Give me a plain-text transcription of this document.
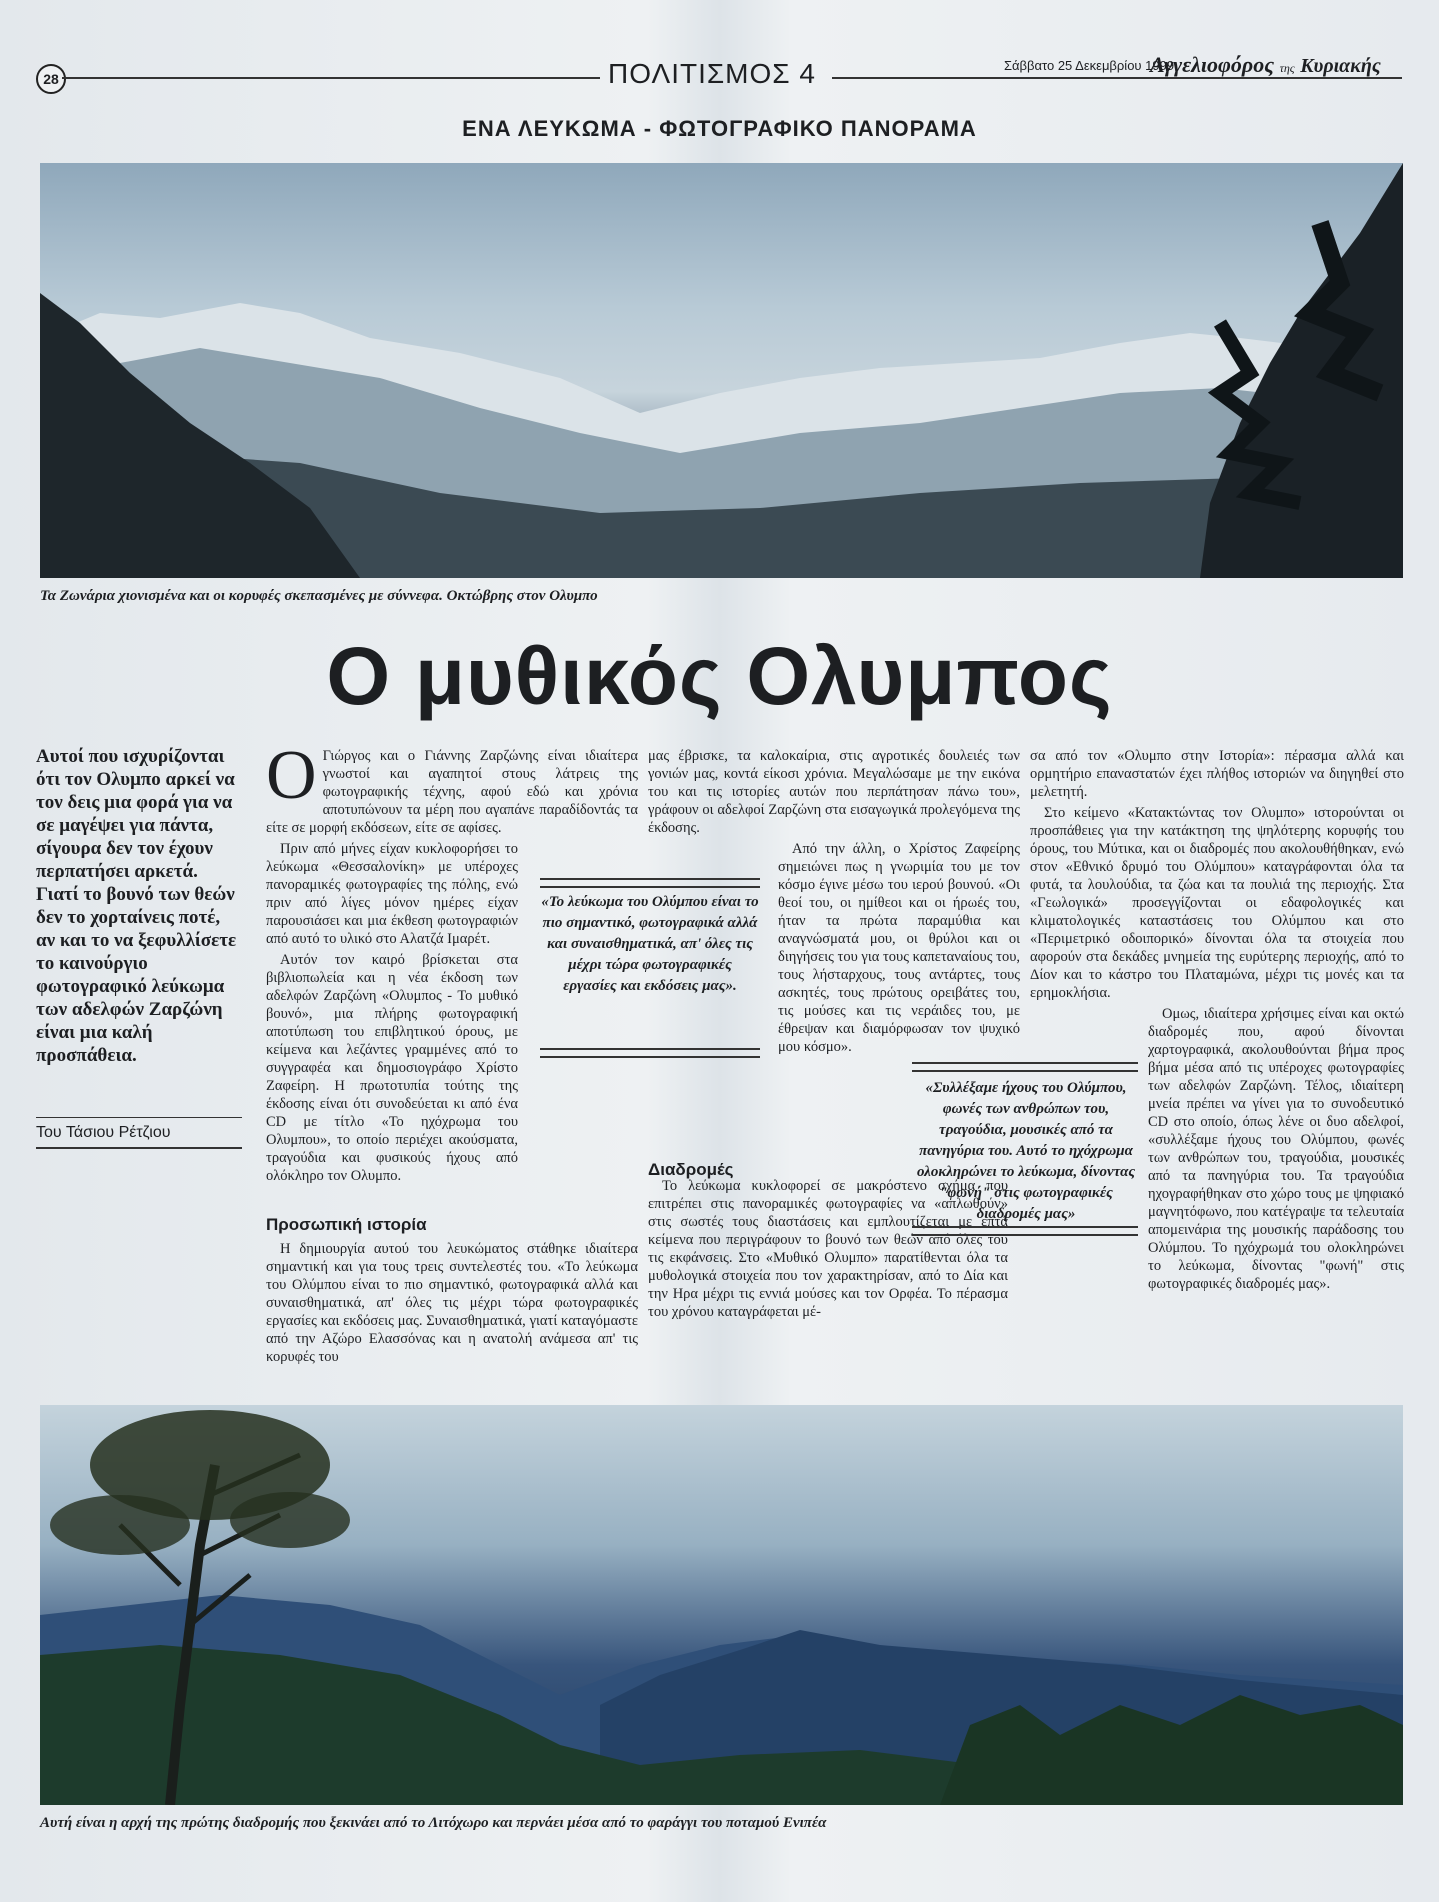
28	ΠΟΛΙΤΙΣΜΟΣ 4	Σάββατο 25 Δεκεμβρίου 1999
Αγγελιοφόρος της Κυριακής
ΕΝΑ ΛΕΥΚΩΜΑ - ΦΩΤΟΓΡΑΦΙΚΟ ΠΑΝΟΡΑΜΑ
Τα Ζωνάρια χιονισμένα και οι κορυφές σκεπασμένες με σύννεφα. Οκτώβρης στον Ολυμπο
Ο μυθικός Ολυμπος
Αυτοί που ισχυρίζονται ότι τον Ολυμπο αρκεί να τον δεις μια φορά για να σε μαγέψει για πάντα, σίγουρα δεν τον έχουν περπατήσει αρκετά. Γιατί το βουνό των θεών δεν το χορταίνεις ποτέ, αν και το να ξεφυλλίσετε το καινούργιο φωτογραφικό λεύκωμα των αδελφών Ζαρζώνη είναι μια καλή προσπάθεια.
Του Τάσιου Ρέτζιου
Ο Γιώργος και ο Γιάννης Ζαρζώνης είναι ιδιαίτερα γνωστοί και αγαπητοί στους λάτρεις της φωτογραφικής τέχνης, αφού εδώ και χρόνια αποτυπώνουν τα μέρη που αγαπάνε παραδίδοντάς τα είτε σε μορφή εκδόσεων, είτε σε αφίσες.

Πριν από μήνες είχαν κυκλοφορήσει το λεύκωμα «Θεσσαλονίκη» με υπέροχες πανοραμικές φωτογραφίες της πόλης, ενώ πριν από λίγες μόνον ημέρες είχαν παρουσιάσει και μια έκθεση φωτογραφιών από αυτό το υλικό στο Αλατζά Ιμαρέτ.

Αυτόν τον καιρό βρίσκεται στα βιβλιοπωλεία και η νέα έκδοση των αδελφών Ζαρζώνη «Ολυμπος - Το μυθικό βουνό», μια πλήρης φωτογραφική αποτύπωση του επιβλητικού όρους, με κείμενα και λεζάντες γραμμένες από το συγγραφέα και δημοσιογράφο Χρίστο Ζαφείρη. Η πρωτοτυπία τούτης της έκδοσης είναι ότι συνοδεύεται κι από ένα CD με τίτλο «Το ηχόχρωμα του Ολυμπου», το οποίο περιέχει ακούσματα, τραγούδια και φυσικούς ήχους από ολόκληρο τον Ολυμπο.

Προσωπική ιστορία

Η δημιουργία αυτού του λευκώματος στάθηκε ιδιαίτερα σημαντική και για τους τρεις συντελεστές του. «Το λεύκωμα του Ολύμπου είναι το πιο σημαντικό, φωτογραφικά αλλά και συναισθηματικά, απ' όλες τις μέχρι τώρα φωτογραφικές εργασίες και εκδόσεις μας. Συναισθηματικά, γιατί καταγόμαστε από την Αζώρο Ελασσόνας και η ανατολή ανάμεσα απ' τις κορυφές του

«Το λεύκωμα του Ολύμπου είναι το πιο σημαντικό, φωτογραφικά αλλά και συναισθηματικά, απ' όλες τις μέχρι τώρα φωτογραφικές εργασίες και εκδόσεις μας».

μας έβρισκε, τα καλοκαίρια, στις αγροτικές δουλειές των γονιών μας, κοντά είκοσι χρόνια. Μεγαλώσαμε με την εικόνα του και τις ιστορίες αυτών που περπάτησαν πάνω του», γράφουν οι αδελφοί Ζαρζώνη στα εισαγωγικά προλεγόμενα της έκδοσης.

Από την άλλη, ο Χρίστος Ζαφείρης σημειώνει πως η γνωριμία του με τον κόσμο έγινε μέσω του ιερού βουνού. «Οι θεοί του, οι ημίθεοι και οι ήρωές του, ήταν τα πρώτα παραμύθια και αναγνώσματά μου, οι θρύλοι και οι διηγήσεις του για τους καπεταναίους του, τους λήσταρχους, τους αντάρτες, τους ασκητές, τους πρώτους ορειβάτες του, τις μούσες και τις νεράιδες του, με έθρεψαν και διαμόρφωσαν τον ψυχικό μου κόσμο».

Διαδρομές

Το λεύκωμα κυκλοφορεί σε μακρόστενο σχήμα που επιτρέπει στις πανοραμικές φωτογραφίες να «απλωθούν» στις σωστές τους διαστάσεις και εμπλουτίζεται με επτά κείμενα που περιγράφουν το βουνό των θεών από όλες του τις εκφάνσεις. Στο «Μυθικό Ολυμπο» παρατίθενται όλα τα μυθολογικά στοιχεία που τον χαρακτηρίσαν, από το Δία και την Ηρα μέχρι τις εννιά μούσες και τον Ορφέα. Το πέρασμα του χρόνου καταγράφεται μέ-

σα από τον «Ολυμπο στην Ιστορία»: πέρασμα αλλά και ορμητήριο επαναστατών έχει πλήθος ιστοριών να διηγηθεί στο μελετητή.

Στο κείμενο «Κατακτώντας τον Ολυμπο» ιστορούνται οι προσπάθειες για την κατάκτηση της ψηλότερης κορυφής του όρους, του Μύτικα, και οι διαδρομές που ακολουθήθηκαν, ενώ στον «Εθνικό δρυμό του Ολύμπου» καταγράφονται όλα τα φυτά, τα λουλούδια, τα ζώα και τα πουλιά της περιοχής. Στα «Γεωλογικά» προσεγγίζονται οι εδαφολογικές και κλιματολογικές καταστάσεις του Ολύμπου και στο «Περιμετρικό οδοιπορικό» δίνονται όλα τα στοιχεία που αφορούν στα δεκάδες μνημεία της ευρύτερης περιοχής, από το Δίον και το κάστρο του Πλαταμώνα, μέχρι τις μονές και τα ερημοκλήσια.

Ομως, ιδιαίτερα χρήσιμες είναι και οκτώ διαδρομές που, αφού δίνονται χαρτογραφικά, ακολουθούνται βήμα προς βήμα μέσα από τις υπέροχες φωτογραφίες των αδελφών Ζαρζώνη. Τέλος, ιδιαίτερη μνεία πρέπει να γίνει για το συνοδευτικό CD στο οποίο, όπως λένε οι δυο αδελφοί, «συλλέξαμε ήχους του Ολύμπου, φωνές των ανθρώπων του, τραγούδια, μουσικές από τα πανηγύρια του. Τα τραγούδια ηχογραφήθηκαν στο χώρο τους με ψηφιακό μαγνητόφωνο, που κατέγραψε τα τελευταία απομεινάρια της μουσικής παράδοσης του Ολύμπου. Το ηχόχρωμά του ολοκληρώνει το λεύκωμα, δίνοντας "φωνή" στις φωτογραφικές διαδρομές μας».

«Συλλέξαμε ήχους του Ολύμπου, φωνές των ανθρώπων του, τραγούδια, μουσικές από τα πανηγύρια του. Αυτό το ηχόχρωμα ολοκληρώνει το λεύκωμα, δίνοντας "φωνή" στις φωτογραφικές διαδρομές μας»
Αυτή είναι η αρχή της πρώτης διαδρομής που ξεκινάει από το Λιτόχωρο και περνάει μέσα από το φαράγγι του ποταμού Ενιπέα
